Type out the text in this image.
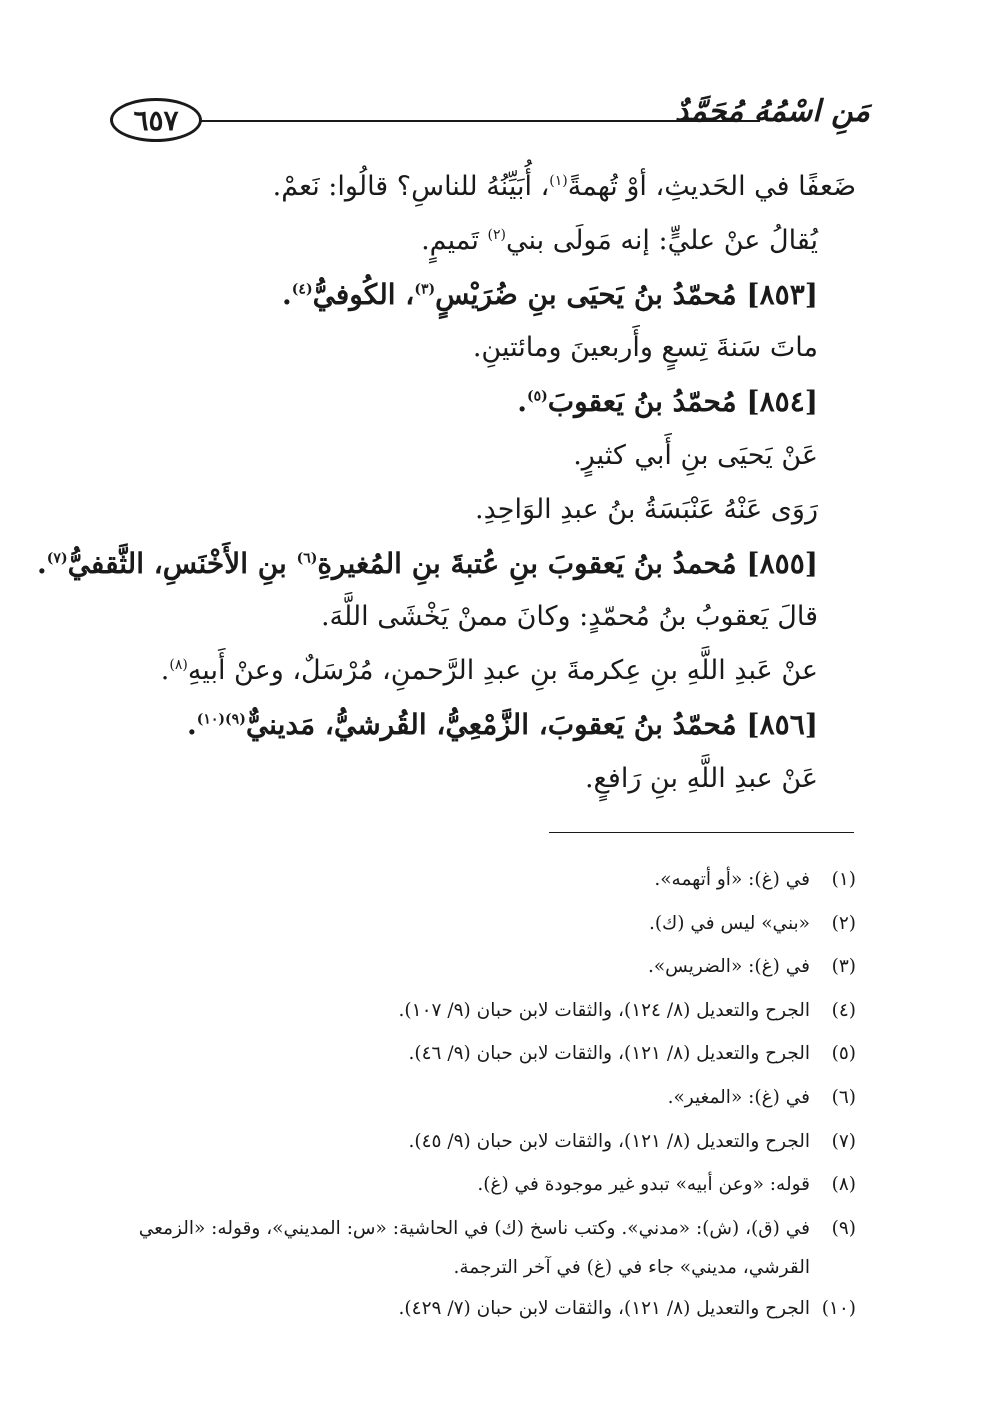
٦٥٧	مَنِ اسْمُهُ مُحَمَّدٌ
ضَعفًا في الحَديثِ، أوْ تُهمةً$^{(١)}$، أُبَيِّنُهُ للناسِ؟ قالُوا: نَعمْ.
يُقالُ عنْ عليٍّ: إنه مَولَى بني$^{(٢)}$ تَميمٍ.
[٨٥٣] مُحمّدُ بنُ يَحيَى بنِ ضُرَيْسٍ$^{(٣)}$، الكُوفيُّ$^{(٤)}$.
ماتَ سَنةَ تِسعٍ وأَربعينَ ومائتينِ.
[٨٥٤] مُحمّدُ بنُ يَعقوبَ$^{(٥)}$.
عَنْ يَحيَى بنِ أَبي كثيرٍ.
رَوَى عَنْهُ عَنْبَسَةُ بنُ عبدِ الوَاحِدِ.
[٨٥٥] مُحمدُ بنُ يَعقوبَ بنِ عُتبةَ بنِ المُغيرةِ$^{(٦)}$ بنِ الأَخْنَسِ، الثَّقفيُّ$^{(٧)}$.
قالَ يَعقوبُ بنُ مُحمّدٍ: وكانَ ممنْ يَخْشَى اللَّهَ.
عنْ عَبدِ اللَّهِ بنِ عِكرمةَ بنِ عبدِ الرَّحمنِ، مُرْسَلٌ، وعنْ أَبيهِ$^{(٨)}$.
[٨٥٦] مُحمّدُ بنُ يَعقوبَ، الزَّمْعِيُّ، القُرشيُّ، مَدينيٌّ$^{(٩)(١٠)}$.
عَنْ عبدِ اللَّهِ بنِ رَافعٍ.
(١)
في (غ): «أو أتهمه».
(٢)
«بني» ليس في (ك).
(٣)
في (غ): «الضريس».
(٤)
الجرح والتعديل (٨/ ١٢٤)، والثقات لابن حبان (٩/ ١٠٧).
(٥)
الجرح والتعديل (٨/ ١٢١)، والثقات لابن حبان (٩/ ٤٦).
(٦)
في (غ): «المغير».
(٧)
الجرح والتعديل (٨/ ١٢١)، والثقات لابن حبان (٩/ ٤٥).
(٨)
قوله: «وعن أبيه» تبدو غير موجودة في (غ).
(٩)
في (ق)، (ش): «مدني». وكتب ناسخ (ك) في الحاشية: «س: المديني»، وقوله: «الزمعي القرشي، مديني» جاء في (غ) في آخر الترجمة.
(١٠)
الجرح والتعديل (٨/ ١٢١)، والثقات لابن حبان (٧/ ٤٢٩).
